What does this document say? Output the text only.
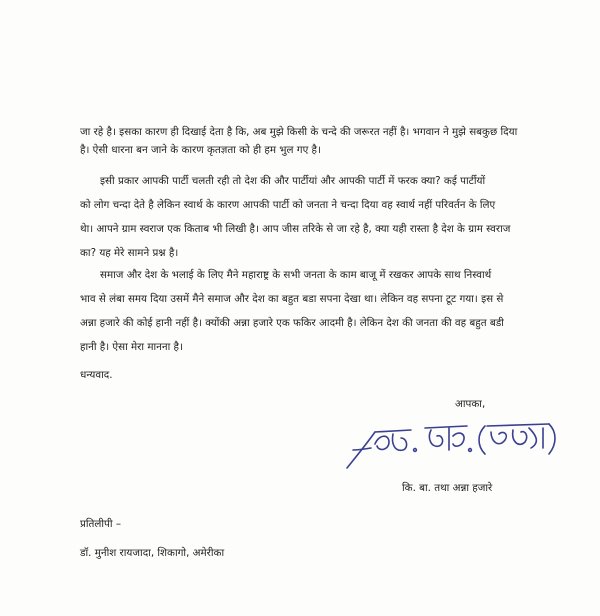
जा रहे है। इसका कारण ही दिखाई देता है कि, अब मुझे किसी के चन्दे की जरूरत नहीं है। भगवान ने मुझे सबकुछ दिया
है। ऐसी धारना बन जाने के कारण कृतज्ञता को ही हम भुल गए है।
इसी प्रकार आपकी पार्टी चलती रही तो देश की और पार्टीयां और आपकी पार्टी में फरक क्या? कई पार्टीयों
को लोग चन्दा देते है लेकिन स्वार्थ के कारण आपकी पार्टी को जनता ने चन्दा दिया वह स्वार्थ नहीं परिवर्तन के लिए
थेा। आपने ग्राम स्वराज एक किताब भी लिखी है। आप जीस तरिके से जा रहे है, क्या यही रास्ता है देश के ग्राम स्वराज
का? यह मेरे सामने प्रश्न है।
समाज और देश के भलाई के लिए मैने महाराष्ट्र के सभी जनता के काम बाजू में रखकर आपके साथ निस्वार्थ
भाव से लंबा समय दिया उसमें मैने समाज और देश का बहुत बडा सपना देखा था। लेकिन वह सपना टूट गया। इस से
अन्ना हजारे की कोई हानी नहीं है। क्योंकी अन्ना हजारे एक फकिर आदमी है। लेकिन देश की जनता की वह बहुत बडी
हानी है। ऐसा मेरा मानना है।
धन्यवाद.
आपका,
कि. बा. तथा अन्ना हजारे
प्रतिलीपी –
डॉ. मुनीश रायजादा, शिकागो, अमेरीका
